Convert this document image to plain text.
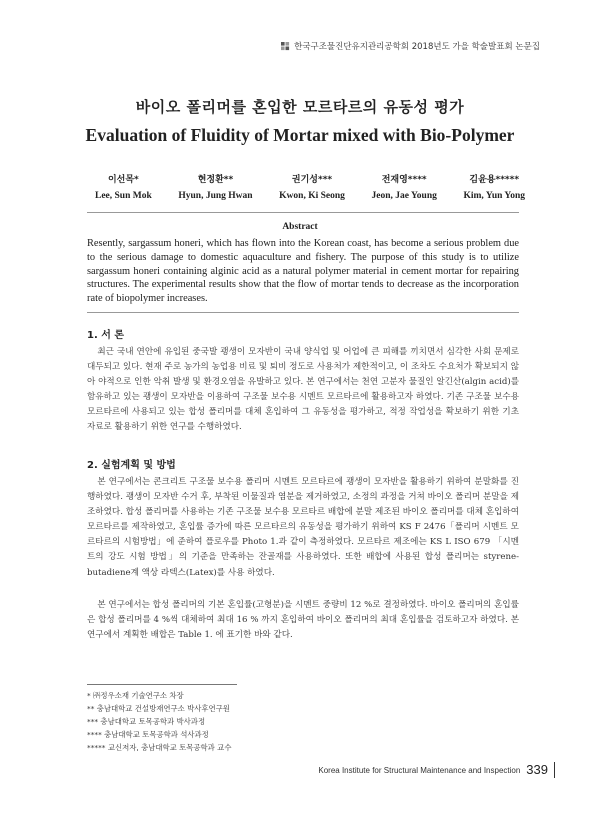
한국구조물진단유지관리공학회 2018년도 가을 학술발표회 논문집
바이오 폴리머를 혼입한 모르타르의 유동성 평가
Evaluation of Fluidity of Mortar mixed with Bio-Polymer
이선목*
Lee, Sun Mok
현정환**
Hyun, Jung Hwan
권기성***
Kwon, Ki Seong
전재영****
Jeon, Jae Young
김윤용*****
Kim, Yun Yong
Abstract
Resently, sargassum honeri, which has flown into the Korean coast, has become a serious problem due to the serious damage to domestic aquaculture and fishery. The purpose of this study is to utilize sargassum honeri containing alginic acid as a natural polymer material in cement mortar for repairing structures. The experimental results show that the flow of mortar tends to decrease as the incorporation rate of biopolymer increases.
1. 서 론
최근 국내 연안에 유입된 중국발 괭생이 모자반이 국내 양식업 및 어업에 큰 피해를 끼치면서 심각한 사회 문제로 대두되고 있다. 현재 주로 농가의 농업용 비료 및 퇴비 정도로 사용처가 제한적이고, 이 조차도 수요처가 확보되지 않아 야적으로 인한 악취 발생 및 환경오염을 유발하고 있다. 본 연구에서는 천연 고분자 물질인 알긴산(algin acid)를 함유하고 있는 괭생이 모자반을 이용하여 구조물 보수용 시멘트 모르타르에 활용하고자 하였다. 기존 구조물 보수용 모르타르에 사용되고 있는 합성 폴리머를 대체 혼입하여 그 유동성을 평가하고, 적정 작업성을 확보하기 위한 기초 자료로 활용하기 위한 연구를 수행하였다.
2. 실험계획 및 방법
본 연구에서는 콘크리트 구조물 보수용 폴리머 시멘트 모르타르에 괭생이 모자반을 활용하기 위하여 분말화를 진행하였다. 괭생이 모자반 수거 후, 부착된 이물질과 염분을 제거하였고, 소정의 과정을 거쳐 바이오 폴리머 분말을 제조하였다. 합성 폴리머를 사용하는 기존 구조물 보수용 모르타르 배합에 분말 제조된 바이오 폴리머를 대체 혼입하여 모르타르를 제작하였고, 혼입률 증가에 따른 모르타르의 유동성을 평가하기 위하여 KS F 2476「폴리머 시멘트 모르타르의 시험방법」에 준하여 플로우를 Photo 1.과 같이 측정하였다. 모르타르 제조에는 KS L ISO 679 「시멘트의 강도 시험 방법」의 기준을 만족하는 잔골재를 사용하였다. 또한 배합에 사용된 합성 폴리머는 styrene-butadiene계 액상 라텍스(Latex)를 사용 하였다.
본 연구에서는 합성 폴리머의 기본 혼입률(고형분)을 시멘트 중량비 12 %로 결정하였다. 바이오 폴리머의 혼입률은 합성 폴리머를 4 %씩 대체하여 최대 16 % 까지 혼입하여 바이오 폴리머의 최대 혼입률을 검토하고자 하였다. 본 연구에서 계획한 배합은 Table 1. 에 표기한 바와 같다.
* ㈜정우소재 기술연구소 차장
** 충남대학교 건설방재연구소 박사후연구원
*** 충남대학교 토목공학과 박사과정
**** 충남대학교 토목공학과 석사과정
***** 교신저자, 충남대학교 토목공학과 교수
Korea Institute for Structural Maintenance and Inspection 339
